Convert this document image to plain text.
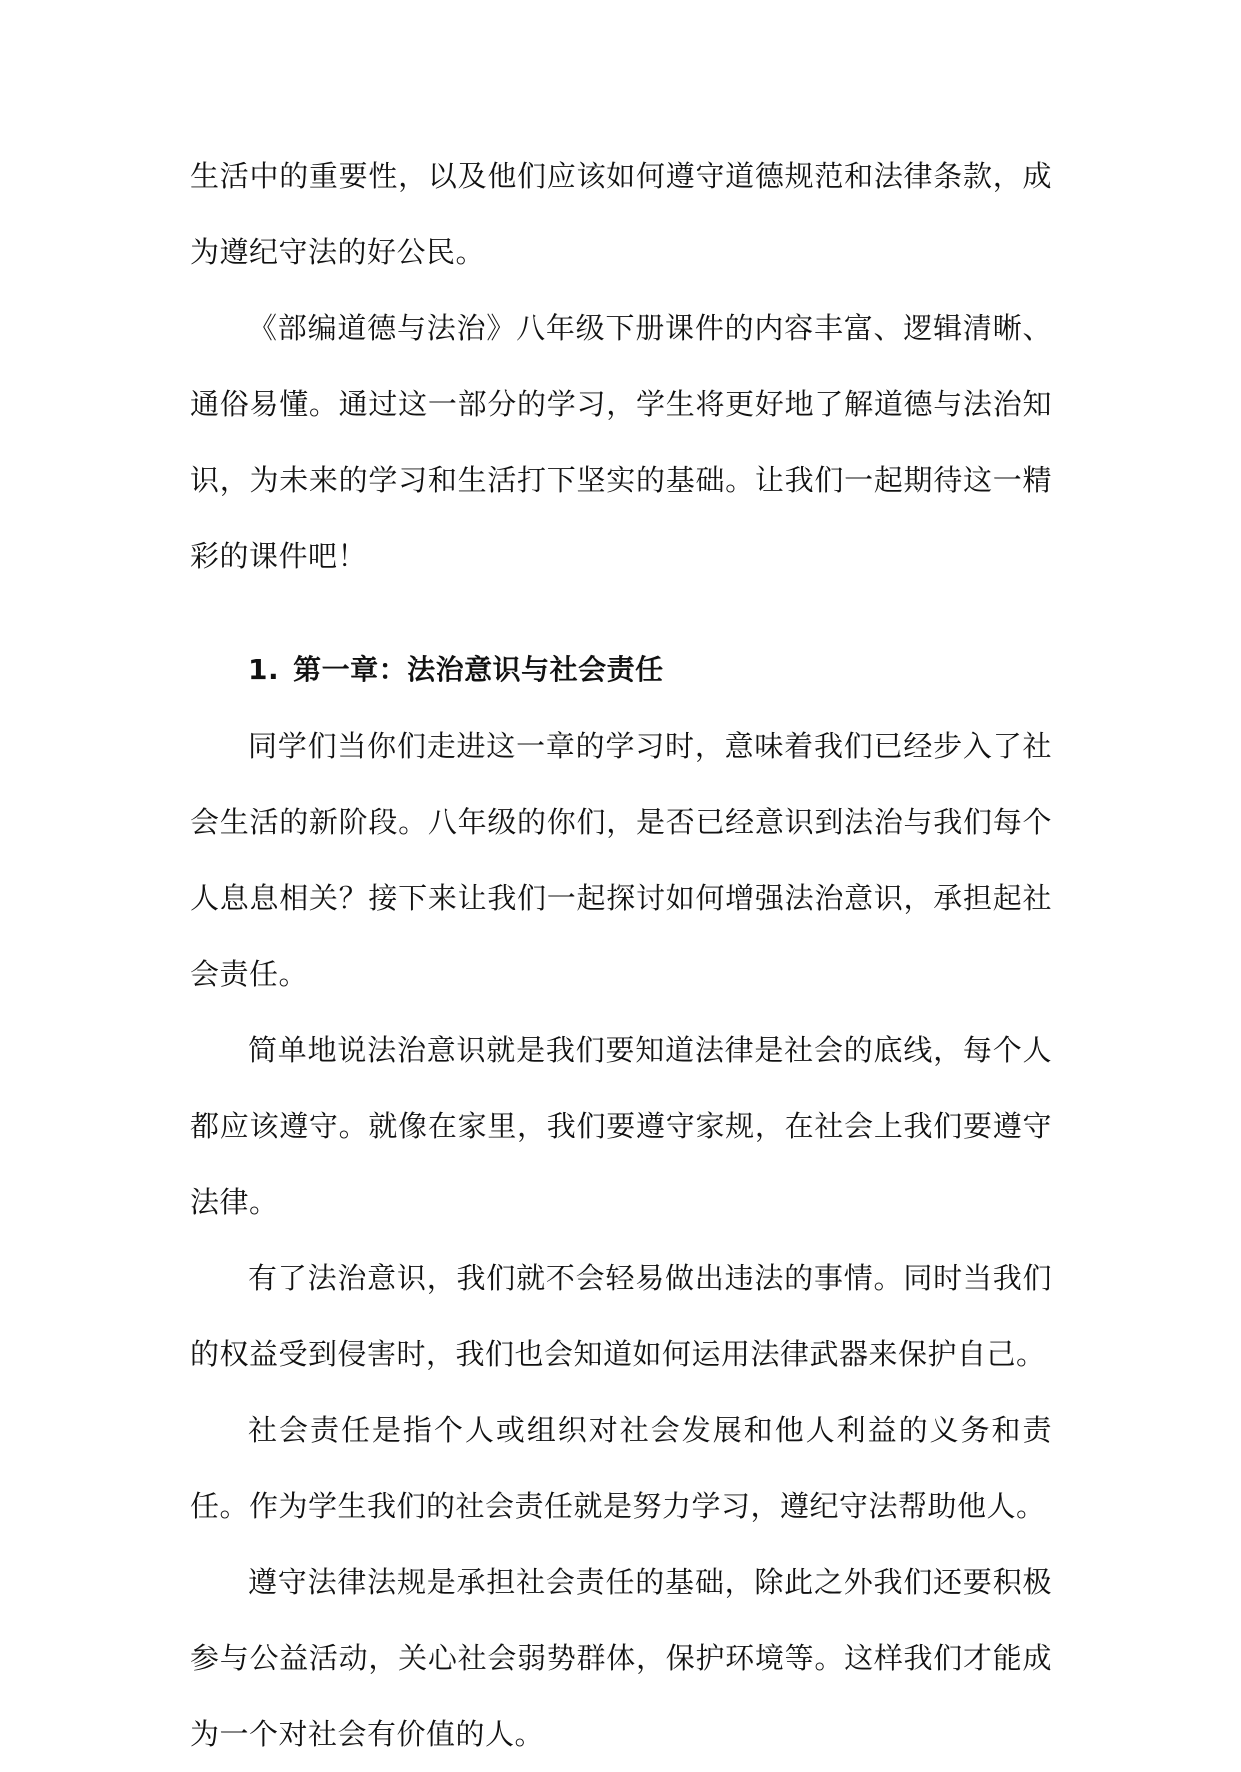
生活中的重要性，以及他们应该如何遵守道德规范和法律条款，成为遵纪守法的好公民。

《部编道德与法治》八年级下册课件的内容丰富、逻辑清晰、通俗易懂。通过这一部分的学习，学生将更好地了解道德与法治知识，为未来的学习和生活打下坚实的基础。让我们一起期待这一精彩的课件吧！

1. 第一章：法治意识与社会责任

同学们当你们走进这一章的学习时，意味着我们已经步入了社会生活的新阶段。八年级的你们，是否已经意识到法治与我们每个人息息相关？接下来让我们一起探讨如何增强法治意识，承担起社会责任。

简单地说法治意识就是我们要知道法律是社会的底线，每个人都应该遵守。就像在家里，我们要遵守家规，在社会上我们要遵守法律。

有了法治意识，我们就不会轻易做出违法的事情。同时当我们的权益受到侵害时，我们也会知道如何运用法律武器来保护自己。

社会责任是指个人或组织对社会发展和他人利益的义务和责任。作为学生我们的社会责任就是努力学习，遵纪守法帮助他人。

遵守法律法规是承担社会责任的基础，除此之外我们还要积极参与公益活动，关心社会弱势群体，保护环境等。这样我们才能成为一个对社会有价值的人。
